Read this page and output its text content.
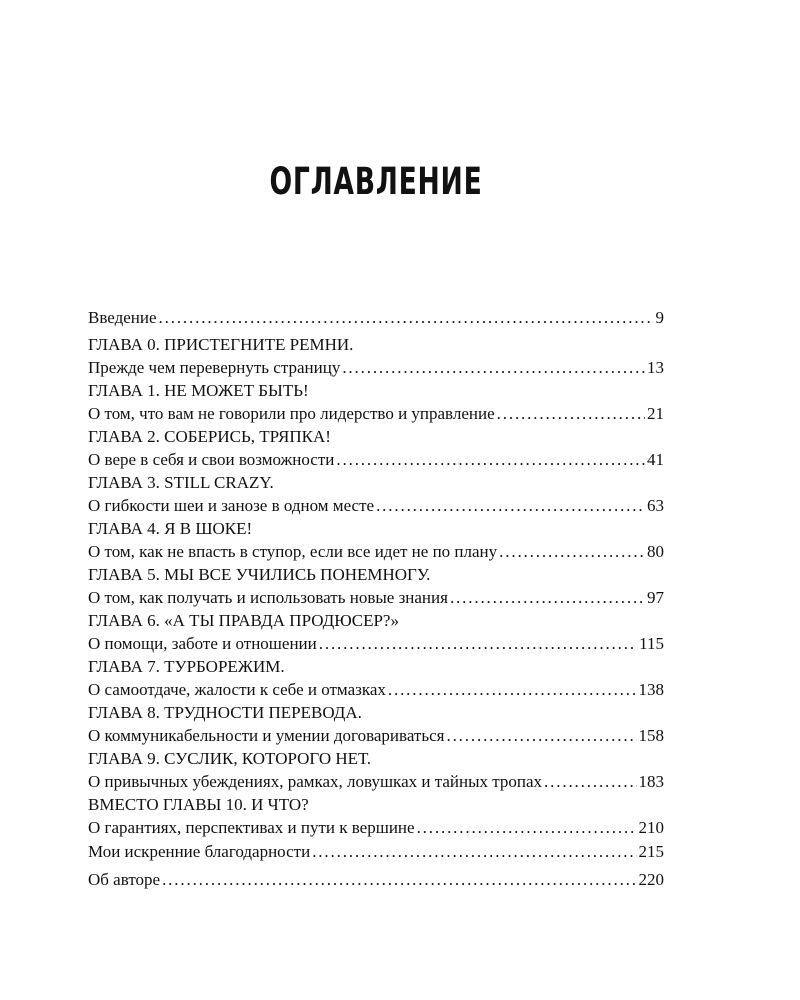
ОГЛАВЛЕНИЕ
Введение . . .	9
ГЛАВА 0. ПРИСТЕГНИТЕ РЕМНИ.
Прежде чем перевернуть страницу . . .	13
ГЛАВА 1. НЕ МОЖЕТ БЫТЬ!
О том, что вам не говорили про лидерство и управление . . .	21
ГЛАВА 2. СОБЕРИСЬ, ТРЯПКА!
О вере в себя и свои возможности . . .	41
ГЛАВА 3. STILL CRAZY.
О гибкости шеи и занозе в одном месте . . .	63
ГЛАВА 4. Я В ШОКЕ!
О том, как не впасть в ступор, если все идет не по плану . . .	80
ГЛАВА 5. МЫ ВСЕ УЧИЛИСЬ ПОНЕМНОГУ.
О том, как получать и использовать новые знания . . .	97
ГЛАВА 6. «А ТЫ ПРАВДА ПРОДЮСЕР?»
О помощи, заботе и отношении . . .	115
ГЛАВА 7. ТУРБОРЕЖИМ.
О самоотдаче, жалости к себе и отмазках . . .	138
ГЛАВА 8. ТРУДНОСТИ ПЕРЕВОДА.
О коммуникабельности и умении договариваться . . .	158
ГЛАВА 9. СУСЛИК, КОТОРОГО НЕТ.
О привычных убеждениях, рамках, ловушках и тайных тропах . . .	183
ВМЕСТО ГЛАВЫ 10. И ЧТО?
О гарантиях, перспективах и пути к вершине . . .	210
Мои искренние благодарности . . .	215
Об авторе . . .	220
